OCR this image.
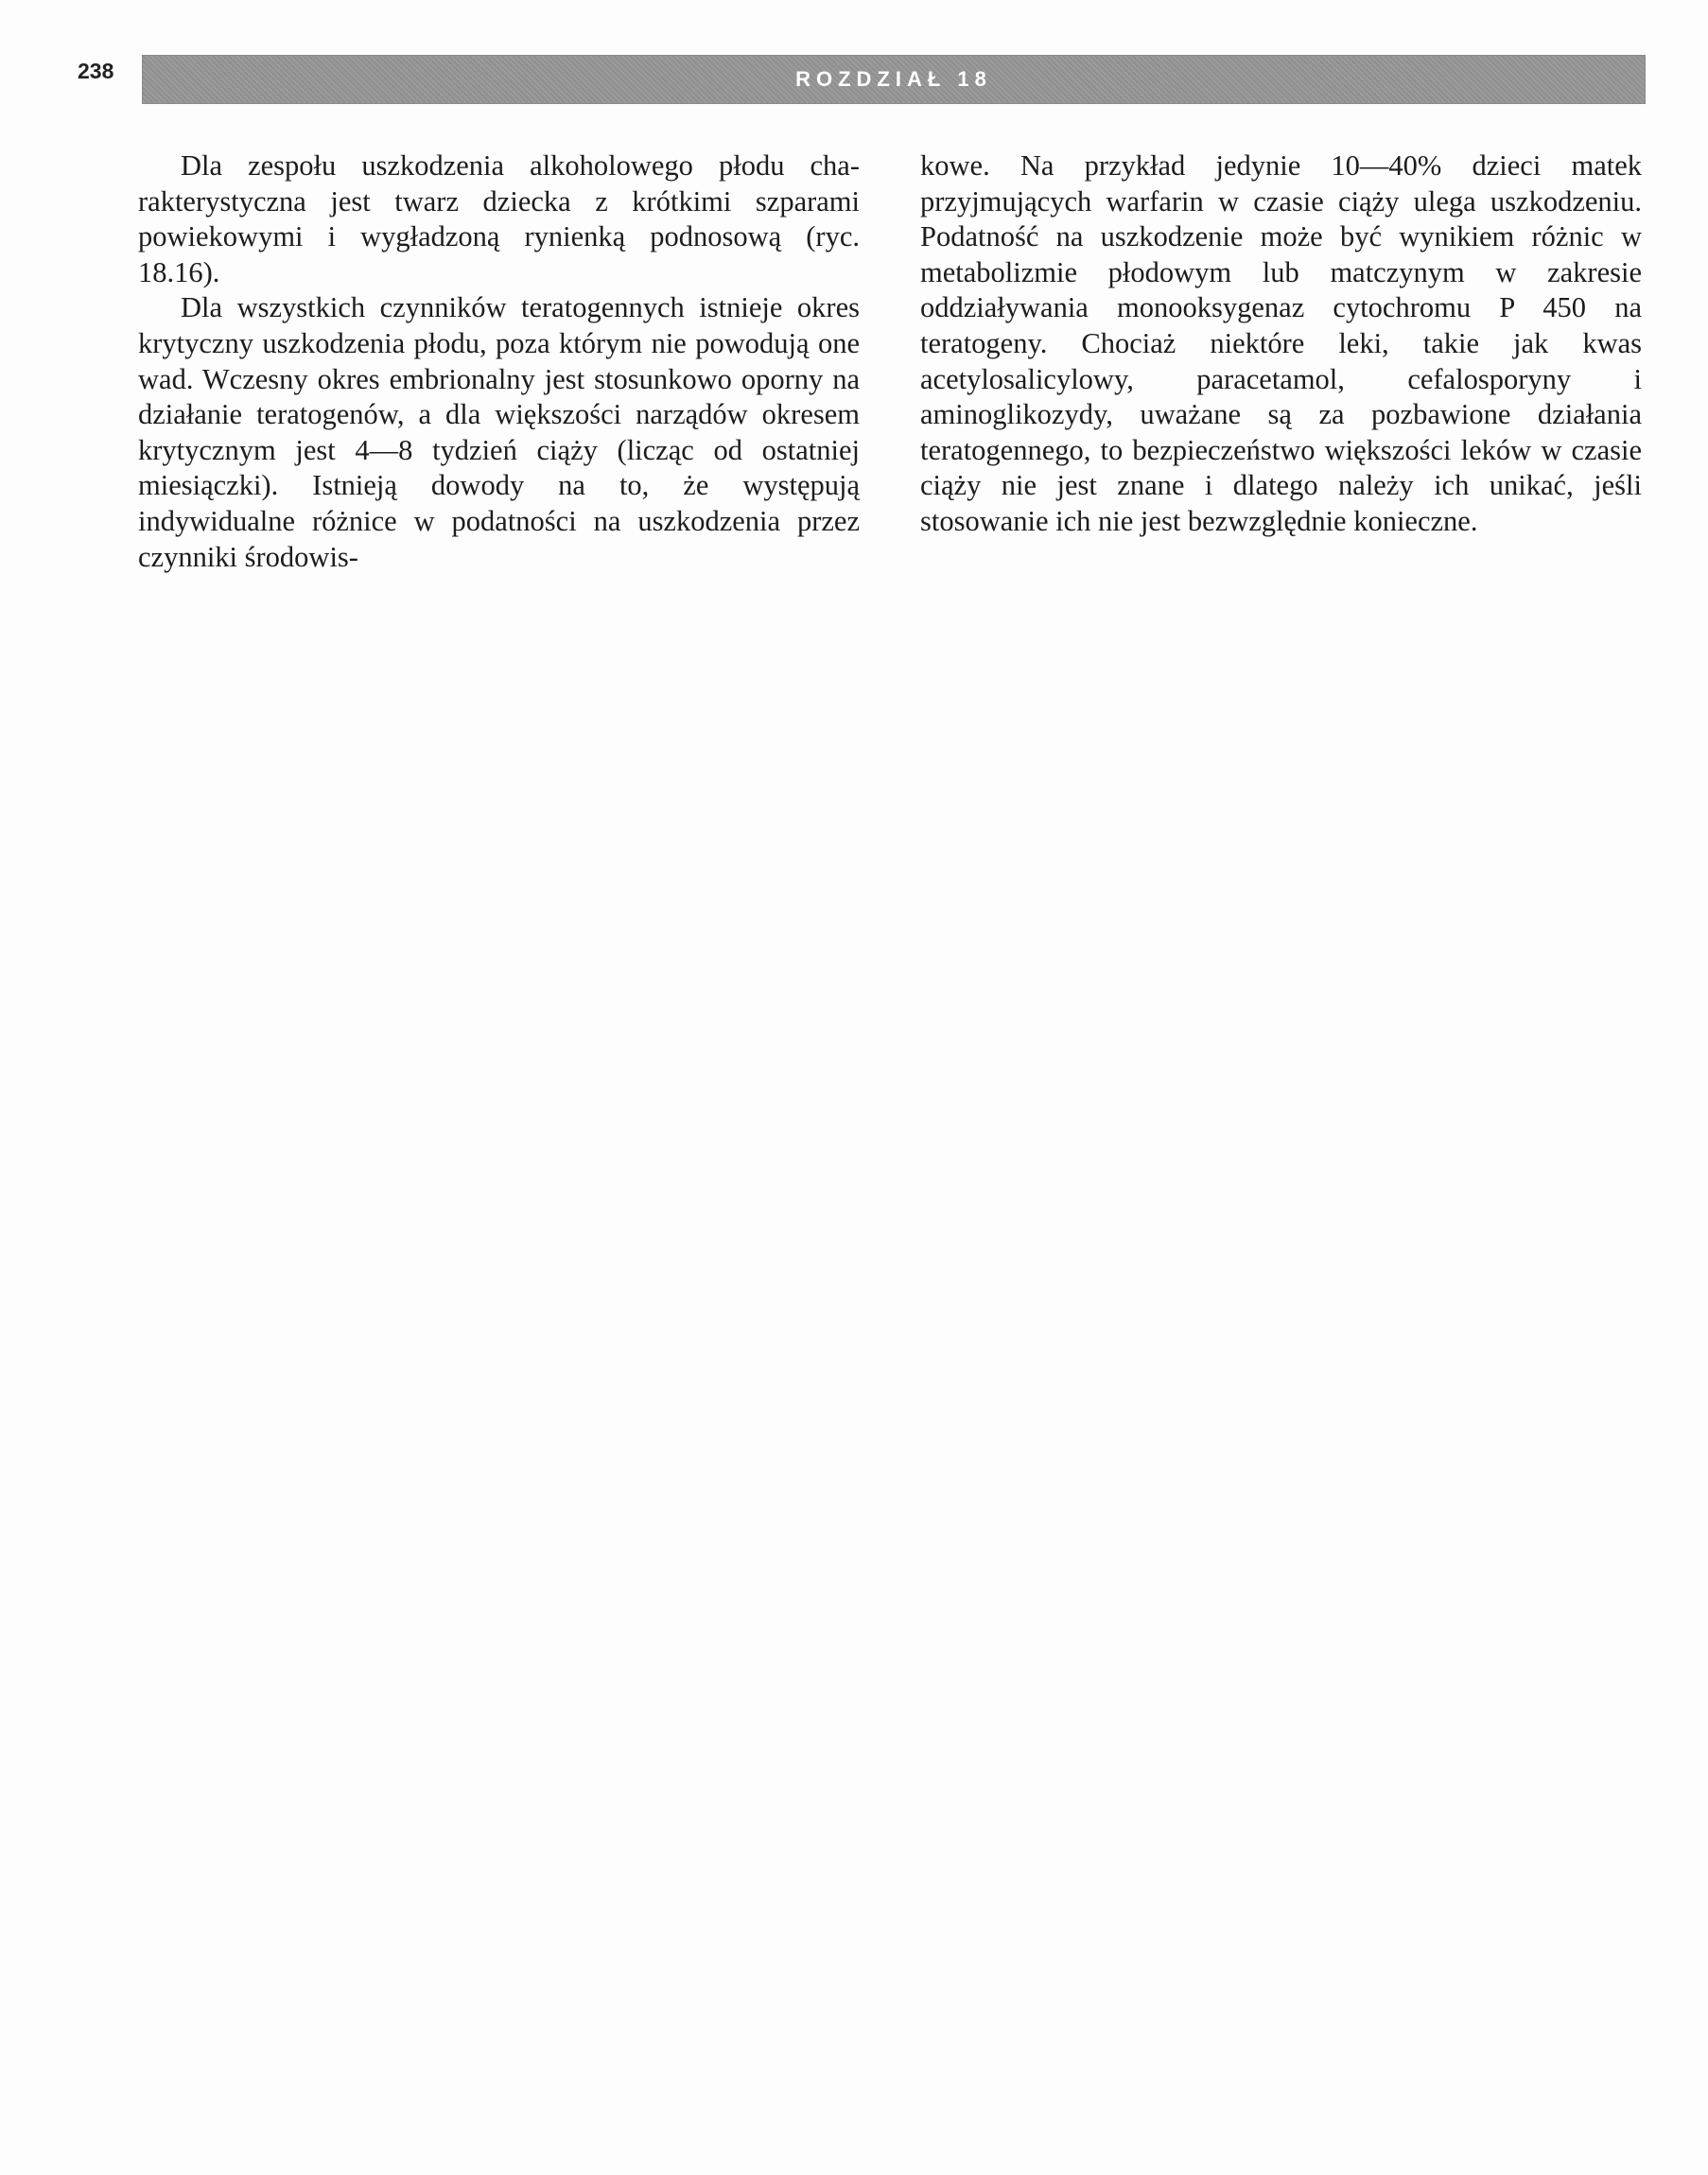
238	ROZDZIAŁ 18

Dla zespołu uszkodzenia alkoholowego płodu charakterystyczna jest twarz dziecka z krótkimi szparami powiekowymi i wygładzoną rynienką podnosową (ryc. 18.16).

Dla wszystkich czynników teratogennych istnieje okres krytyczny uszkodzenia płodu, poza którym nie powodują one wad. Wczesny okres embrionalny jest stosunkowo oporny na działanie teratogenów, a dla większości narządów okresem krytycznym jest 4—8 tydzień ciąży (licząc od ostatniej miesiączki). Istnieją dowody na to, że występują indywidualne różnice w podatności na uszkodzenia przez czynniki środowis-

kowe. Na przykład jedynie 10—40% dzieci matek przyjmujących warfarin w czasie ciąży ulega uszkodzeniu. Podatność na uszkodzenie może być wynikiem różnic w metabolizmie płodowym lub matczynym w zakresie oddziaływania monooksygenaz cytochromu P 450 na teratogeny. Chociaż niektóre leki, takie jak kwas acetylosalicylowy, paracetamol, cefalosporyny i aminoglikozydy, uważane są za pozbawione działania teratogennego, to bezpieczeństwo większości leków w czasie ciąży nie jest znane i dlatego należy ich unikać, jeśli stosowanie ich nie jest bezwzględnie konieczne.
